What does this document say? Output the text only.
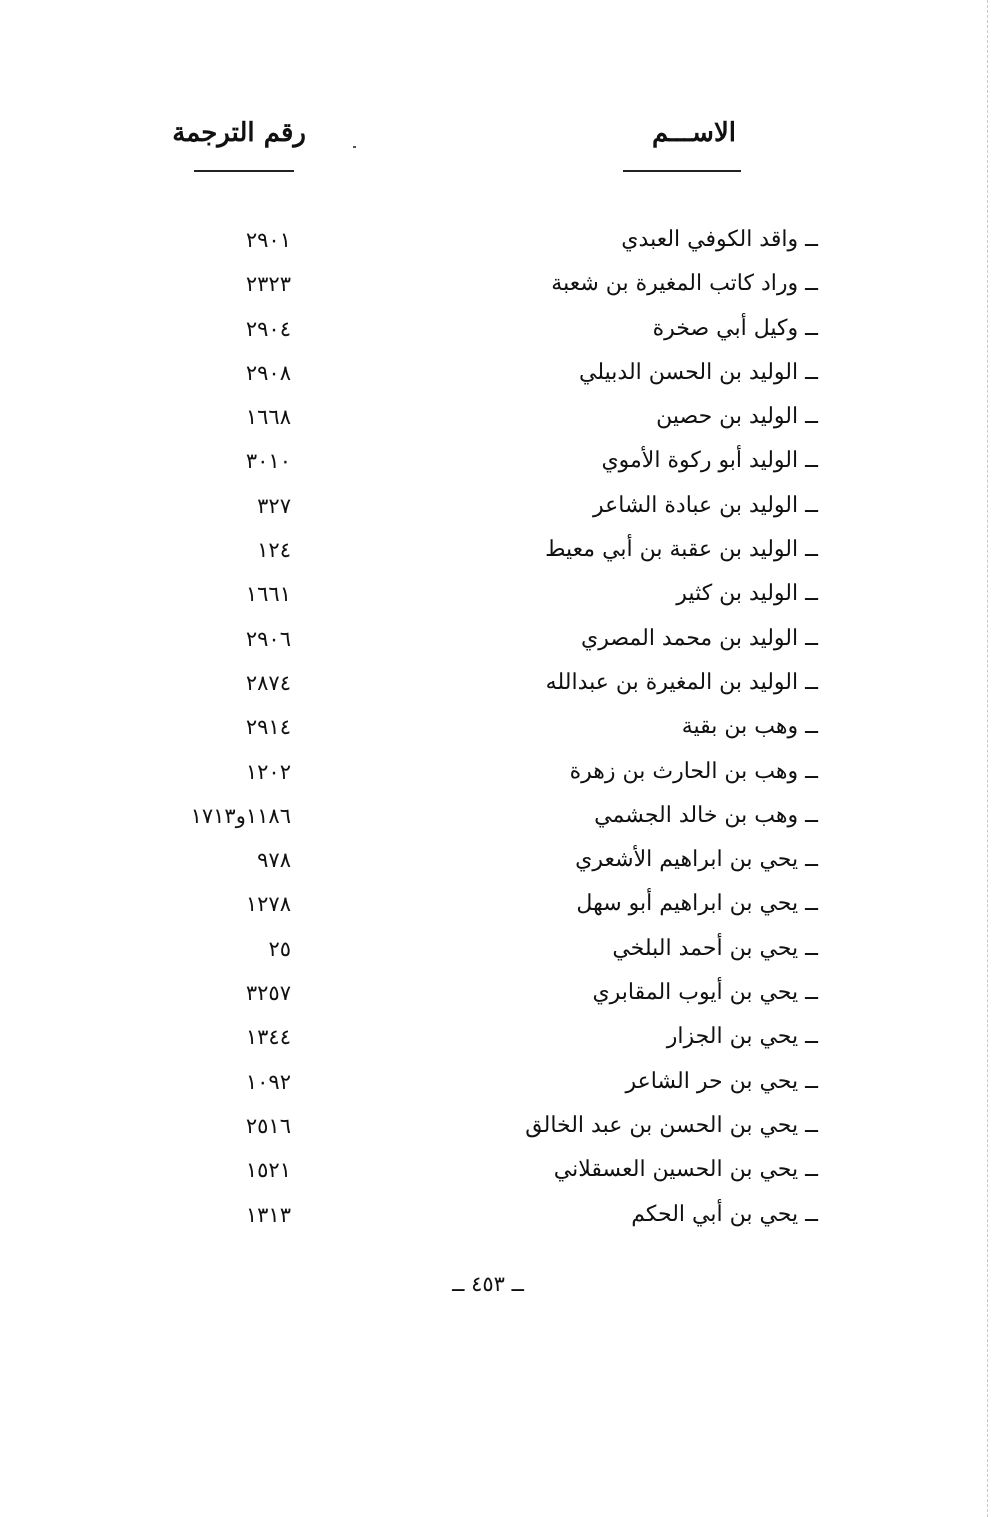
الاســـم
رقم الترجمة
ــ واقد الكوفي العبدي
٢٩٠١
ــ وراد كاتب المغيرة بن شعبة
٢٣٢٣
ــ وكيل أبي صخرة
٢٩٠٤
ــ الوليد بن الحسن الدبيلي
٢٩٠٨
ــ الوليد بن حصين
١٦٦٨
ــ الوليد أبو ركوة الأموي
٣٠١٠
ــ الوليد بن عبادة الشاعر
٣٢٧
ــ الوليد بن عقبة بن أبي معيط
١٢٤
ــ الوليد بن كثير
١٦٦١
ــ الوليد بن محمد المصري
٢٩٠٦
ــ الوليد بن المغيرة بن عبدالله
٢٨٧٤
ــ وهب بن بقية
٢٩١٤
ــ وهب بن الحارث بن زهرة
١٢٠٢
ــ وهب بن خالد الجشمي
١١٨٦و١٧١٣
ــ يحي بن ابراهيم الأشعري
٩٧٨
ــ يحي بن ابراهيم أبو سهل
١٢٧٨
ــ يحي بن أحمد البلخي
٢٥
ــ يحي بن أيوب المقابري
٣٢٥٧
ــ يحي بن الجزار
١٣٤٤
ــ يحي بن حر الشاعر
١٠٩٢
ــ يحي بن الحسن بن عبد الخالق
٢٥١٦
ــ يحي بن الحسين العسقلاني
١٥٢١
ــ يحي بن أبي الحكم
١٣١٣
ــ ٤٥٣ ــ
